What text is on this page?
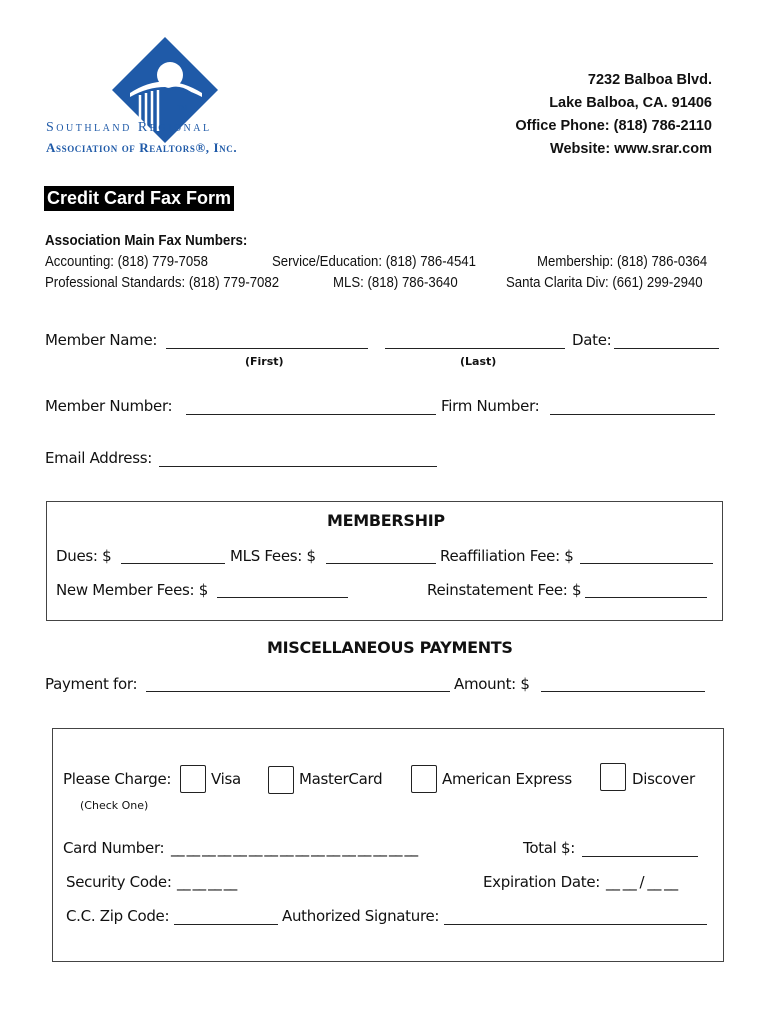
TM
Southland Regional
Association of Realtors®, Inc.
7232 Balboa Blvd.
Lake Balboa, CA. 91406
Office Phone: (818) 786-2110
Website: www.srar.com
Credit Card Fax Form
Association Main Fax Numbers:
Accounting: (818) 779-7058	Service/Education: (818) 786-4541	Membership: (818) 786-0364
Professional Standards: (818) 779-7082	MLS: (818) 786-3640	Santa Clarita Div: (661) 299-2940
Member Name:	Date:
(First)	(Last)
Member Number:	Firm Number:
Email Address:
MEMBERSHIP
Dues: $	MLS Fees: $	Reaffiliation Fee: $
New Member Fees: $	Reinstatement Fee: $
MISCELLANEOUS PAYMENTS
Payment for:	Amount: $
Please Charge:
(Check One)
Visa	MasterCard	American Express	Discover
Card Number: __ __ __ __ __ __ __ __ __ __ __ __ __ __ __ __	Total $:
Security Code: __ __ __ __	Expiration Date: __ __ / __ __
C.C. Zip Code:	Authorized Signature:
